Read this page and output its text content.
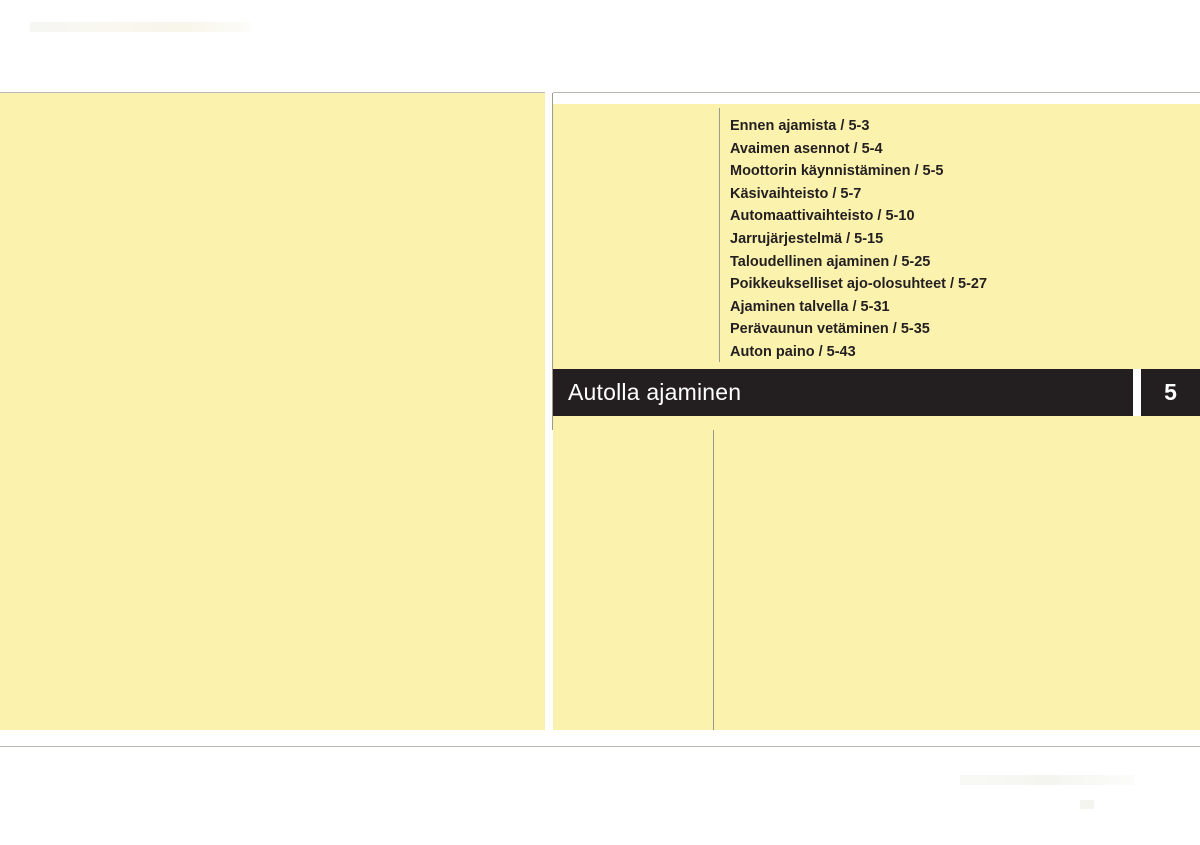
Ennen ajamista / 5-3
Avaimen asennot / 5-4
Moottorin käynnistäminen / 5-5
Käsivaihteisto / 5-7
Automaattivaihteisto / 5-10
Jarrujärjestelmä / 5-15
Taloudellinen ajaminen / 5-25
Poikkeukselliset ajo-olosuhteet / 5-27
Ajaminen talvella / 5-31
Perävaunun vetäminen / 5-35
Auton paino / 5-43
Autolla ajaminen	5
